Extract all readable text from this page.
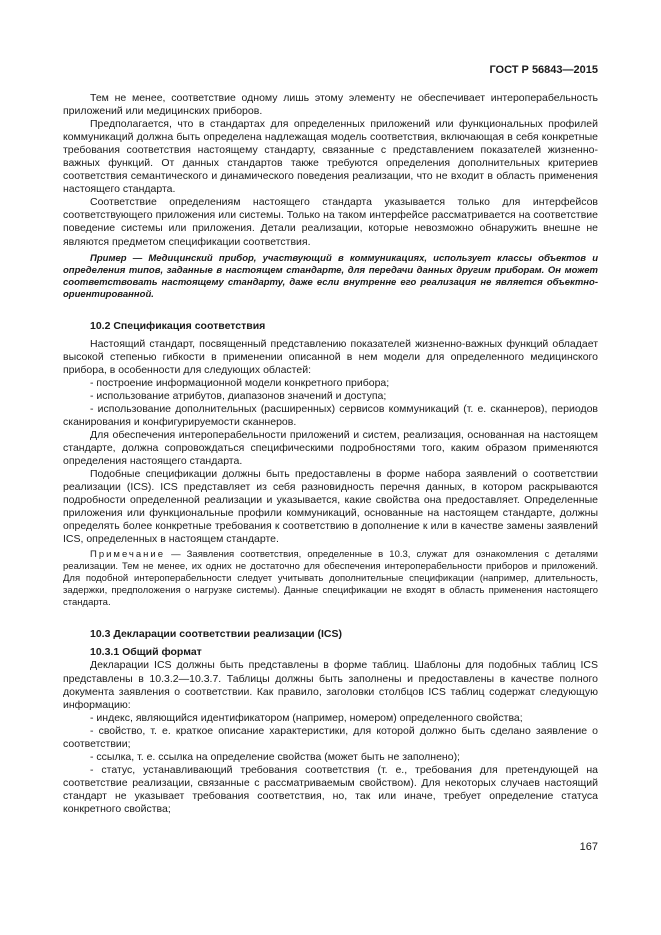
ГОСТ Р 56843—2015

Тем не менее, соответствие одному лишь этому элементу не обеспечивает интероперабельность приложений или медицинских приборов.

Предполагается, что в стандартах для определенных приложений или функциональных профилей коммуникаций должна быть определена надлежащая модель соответствия, включающая в себя конкретные требования соответствия настоящему стандарту, связанные с представлением показателей жизненно-важных функций. От данных стандартов также требуются определения дополнительных критериев соответствия семантического и динамического поведения реализации, что не входит в область применения настоящего стандарта.

Соответствие определениям настоящего стандарта указывается только для интерфейсов соответствующего приложения или системы. Только на таком интерфейсе рассматривается на соответствие поведение системы или приложения. Детали реализации, которые невозможно обнаружить внешне не являются предметом спецификации соответствия.

Пример — Медицинский прибор, участвующий в коммуникациях, использует классы объектов и определения типов, заданные в настоящем стандарте, для передачи данных другим приборам. Он может соответствовать настоящему стандарту, даже если внутренне его реализация не является объектно-ориентированной.

10.2 Спецификация соответствия

Настоящий стандарт, посвященный представлению показателей жизненно-важных функций обладает высокой степенью гибкости в применении описанной в нем модели для определенного медицинского прибора, в особенности для следующих областей:

- построение информационной модели конкретного прибора;

- использование атрибутов, диапазонов значений и доступа;

- использование дополнительных (расширенных) сервисов коммуникаций (т. е. сканнеров), периодов сканирования и конфигурируемости сканнеров.

Для обеспечения интероперабельности приложений и систем, реализация, основанная на настоящем стандарте, должна сопровождаться специфическими подробностями того, каким образом применяются определения настоящего стандарта.

Подобные спецификации должны быть предоставлены в форме набора заявлений о соответствии реализации (ICS). ICS представляет из себя разновидность перечня данных, в котором раскрываются подробности определенной реализации и указывается, какие свойства она предоставляет. Определенные приложения или функциональные профили коммуникаций, основанные на настоящем стандарте, должны определять более конкретные требования к соответствию в дополнение к или в качестве замены заявлений ICS, определенных в настоящем стандарте.

Примечание — Заявления соответствия, определенные в 10.3, служат для ознакомления с деталями реализации. Тем не менее, их одних не достаточно для обеспечения интероперабельности приборов и приложений. Для подобной интероперабельности следует учитывать дополнительные спецификации (например, длительность, задержки, предположения о нагрузке системы). Данные спецификации не входят в область применения настоящего стандарта.

10.3 Декларации соответствии реализации (ICS)

10.3.1 Общий формат

Декларации ICS должны быть представлены в форме таблиц. Шаблоны для подобных таблиц ICS представлены в 10.3.2—10.3.7. Таблицы должны быть заполнены и предоставлены в качестве полного документа заявления о соответствии. Как правило, заголовки столбцов ICS таблиц содержат следующую информацию:

- индекс, являющийся идентификатором (например, номером) определенного свойства;

- свойство, т. е. краткое описание характеристики, для которой должно быть сделано заявление о соответствии;

- ссылка, т. е. ссылка на определение свойства (может быть не заполнено);

- статус, устанавливающий требования соответствия (т. е., требования для претендующей на соответствие реализации, связанные с рассматриваемым свойством). Для некоторых случаев настоящий стандарт не указывает требования соответствия, но, так или иначе, требует определение статуса конкретного свойства;

167
